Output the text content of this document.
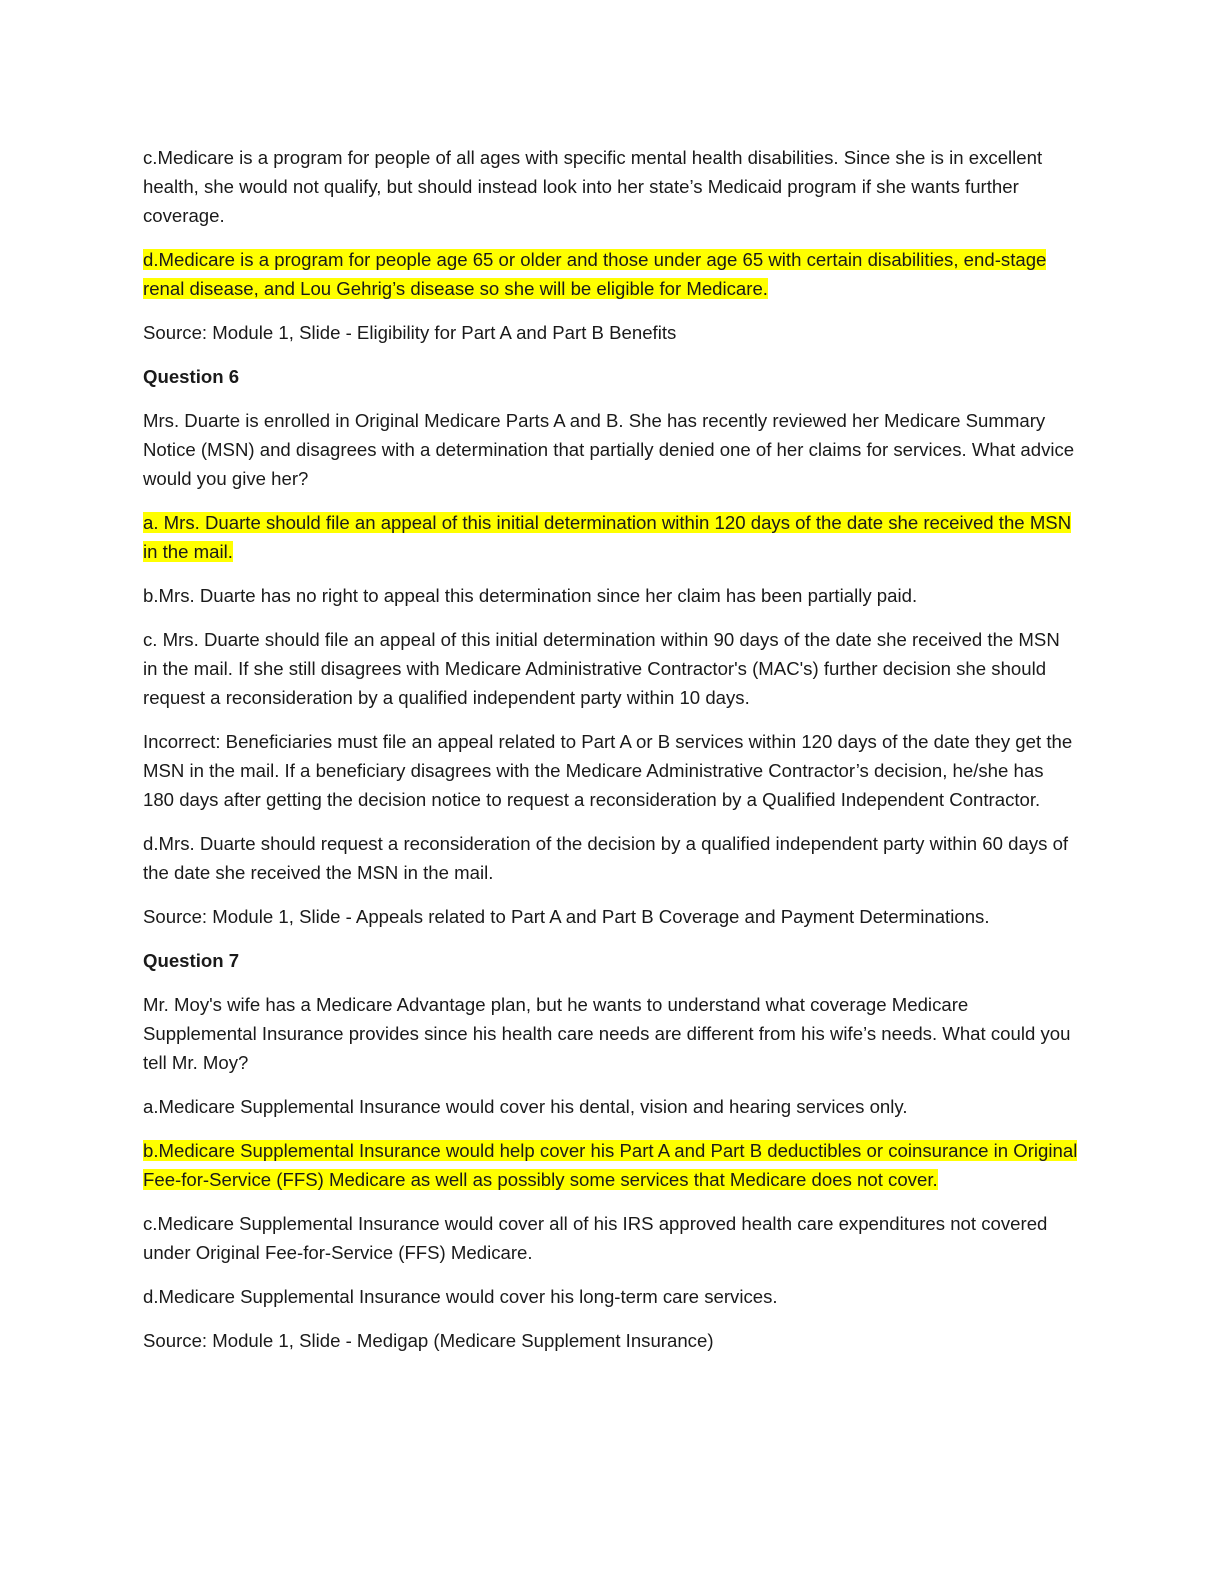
c.Medicare is a program for people of all ages with specific mental health disabilities. Since she is in excellent health, she would not qualify, but should instead look into her state’s Medicaid program if she wants further coverage.

d.Medicare is a program for people age 65 or older and those under age 65 with certain disabilities, end-stage renal disease, and Lou Gehrig’s disease so she will be eligible for Medicare.

Source: Module 1, Slide - Eligibility for Part A and Part B Benefits

Question 6

Mrs. Duarte is enrolled in Original Medicare Parts A and B. She has recently reviewed her Medicare Summary Notice (MSN) and disagrees with a determination that partially denied one of her claims for services. What advice would you give her?

a. Mrs. Duarte should file an appeal of this initial determination within 120 days of the date she received the MSN in the mail.

b.Mrs. Duarte has no right to appeal this determination since her claim has been partially paid.

c. Mrs. Duarte should file an appeal of this initial determination within 90 days of the date she received the MSN in the mail. If she still disagrees with Medicare Administrative Contractor's (MAC's) further decision she should request a reconsideration by a qualified independent party within 10 days.

Incorrect: Beneficiaries must file an appeal related to Part A or B services within 120 days of the date they get the MSN in the mail. If a beneficiary disagrees with the Medicare Administrative Contractor’s decision, he/she has 180 days after getting the decision notice to request a reconsideration by a Qualified Independent Contractor.

d.Mrs. Duarte should request a reconsideration of the decision by a qualified independent party within 60 days of the date she received the MSN in the mail.

Source: Module 1, Slide - Appeals related to Part A and Part B Coverage and Payment Determinations.

Question 7

Mr. Moy's wife has a Medicare Advantage plan, but he wants to understand what coverage Medicare Supplemental Insurance provides since his health care needs are different from his wife’s needs. What could you tell Mr. Moy?

a.Medicare Supplemental Insurance would cover his dental, vision and hearing services only.

b.Medicare Supplemental Insurance would help cover his Part A and Part B deductibles or coinsurance in Original Fee-for-Service (FFS) Medicare as well as possibly some services that Medicare does not cover.

c.Medicare Supplemental Insurance would cover all of his IRS approved health care expenditures not covered under Original Fee-for-Service (FFS) Medicare.

d.Medicare Supplemental Insurance would cover his long-term care services.

Source: Module 1, Slide - Medigap (Medicare Supplement Insurance)
